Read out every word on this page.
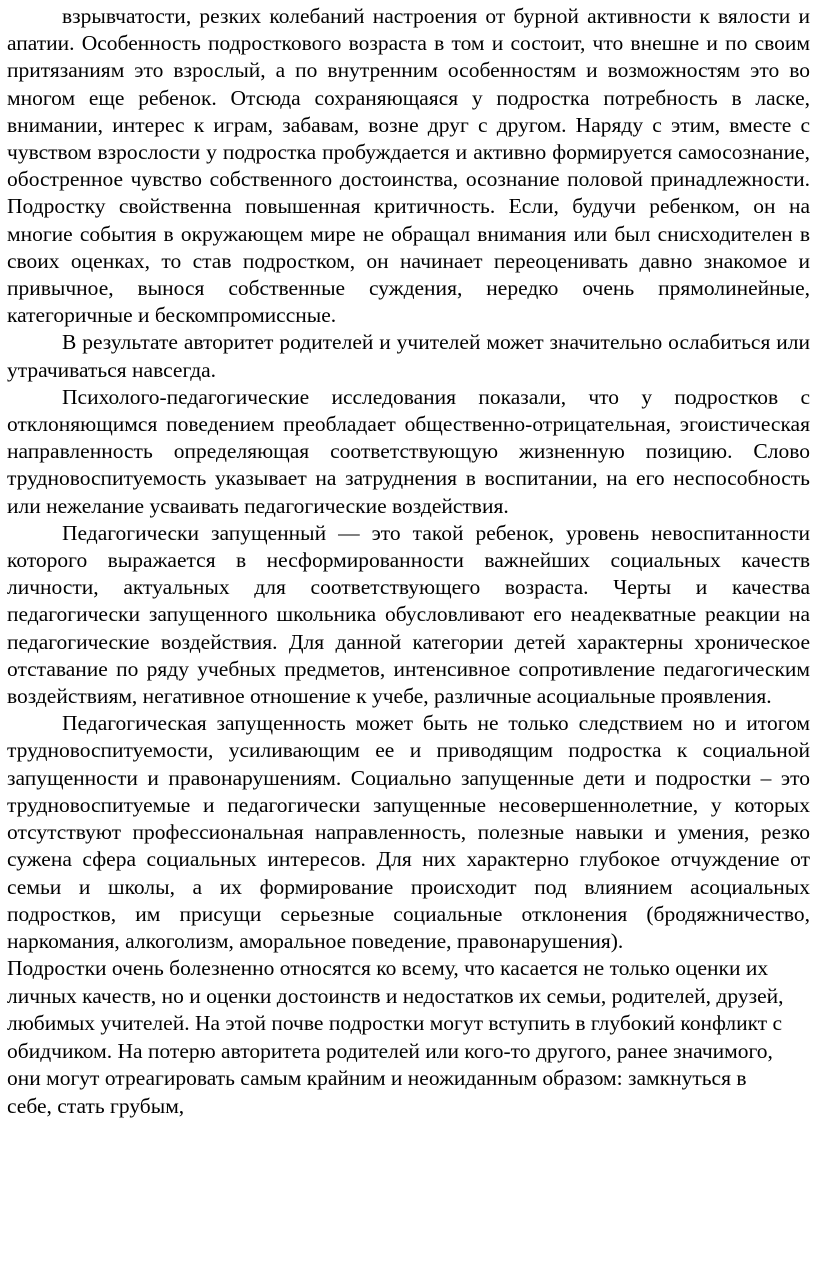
взрывчатости, резких колебаний настроения от бурной активности к вялости и апатии. Особенность подросткового возраста в том и состоит, что внешне и по своим притязаниям это взрослый, а по внутренним особенностям и возможностям это во многом еще ребенок. Отсюда сохраняющаяся у подростка потребность в ласке, внимании, интерес к играм, забавам, возне друг с другом. Наряду с этим, вместе с чувством взрослости у подростка пробуждается и активно формируется самосознание, обостренное чувство собственного достоинства, осознание половой принадлежности. Подростку свойственна повышенная критичность. Если, будучи ребенком, он на многие события в окружающем мире не обращал внимания или был снисходителен в своих оценках, то став подростком, он начинает переоценивать давно знакомое и привычное, вынося собственные суждения, нередко очень прямолинейные, категоричные и бескомпромиссные.

В результате авторитет родителей и учителей может значительно ослабиться или утрачиваться навсегда.

Психолого-педагогические исследования показали, что у подростков с отклоняющимся поведением преобладает общественно-отрицательная, эгоистическая направленность определяющая соответствующую жизненную позицию. Слово трудновоспитуемость указывает на затруднения в воспитании, на его неспособность или нежелание усваивать педагогические воздействия.

Педагогически запущенный — это такой ребенок, уровень невоспитанности которого выражается в несформированности важнейших социальных качеств личности, актуальных для соответствующего возраста. Черты и качества педагогически запущенного школьника обусловливают его неадекватные реакции на педагогические воздействия. Для данной категории детей характерны хроническое отставание по ряду учебных предметов, интенсивное сопротивление педагогическим воздействиям, негативное отношение к учебе, различные асоциальные проявления.

Педагогическая запущенность может быть не только следствием но и итогом трудновоспитуемости, усиливающим ее и приводящим подростка к социальной запущенности и правонарушениям. Социально запущенные дети и подростки – это трудновоспитуемые и педагогически запущенные несовершеннолетние, у которых отсутствуют профессиональная направленность, полезные навыки и умения, резко сужена сфера социальных интересов. Для них характерно глубокое отчуждение от семьи и школы, а их формирование происходит под влиянием асоциальных подростков, им присущи серьезные социальные отклонения (бродяжничество, наркомания, алкоголизм, аморальное поведение, правонарушения).

Подростки очень болезненно относятся ко всему, что касается не только оценки их личных качеств, но и оценки достоинств и недостатков их семьи, родителей, друзей, любимых учителей. На этой почве подростки могут вступить в глубокий конфликт с обидчиком. На потерю авторитета родителей или кого-то другого, ранее значимого, они могут отреагировать самым крайним и неожиданным образом: замкнуться в себе, стать грубым,
